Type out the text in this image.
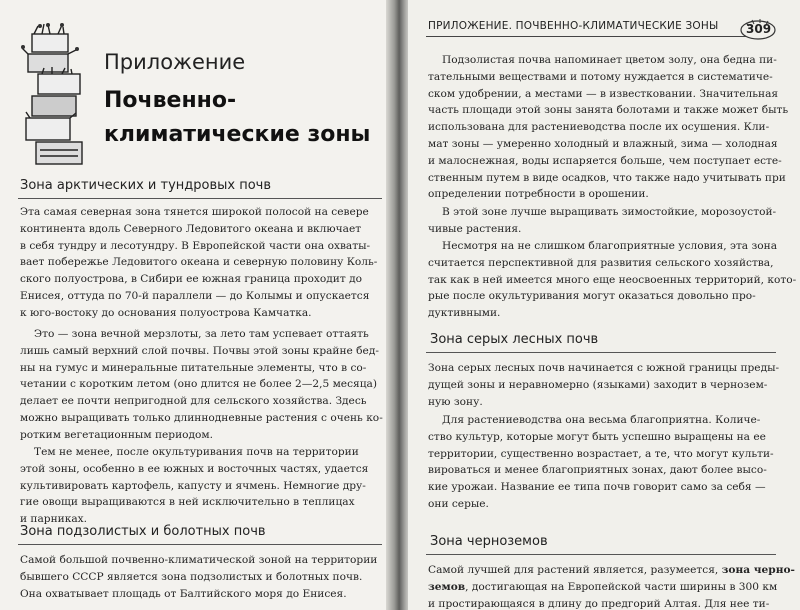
Приложение
Почвенно-
климатические зоны
Зона арктических и тундровых почв
Эта самая северная зона тянется широкой полосой на севере
континента вдоль Северного Ледовитого океана и включает
в себя тундру и лесотундру. В Европейской части она охваты-
вает побережье Ледовитого океана и северную половину Коль-
ского полуострова, в Сибири ее южная граница проходит до
Енисея, оттуда по 70-й параллели — до Колымы и опускается
к юго-востоку до основания полуострова Камчатка.
Это — зона вечной мерзлоты, за лето там успевает оттаять
лишь самый верхний слой почвы. Почвы этой зоны крайне бед-
ны на гумус и минеральные питательные элементы, что в со-
четании с коротким летом (оно длится не более 2—2,5 месяца)
делает ее почти непригодной для сельского хозяйства. Здесь
можно выращивать только длиннодневные растения с очень ко-
ротким вегетационным периодом.
Тем не менее, после окультуривания почв на территории
этой зоны, особенно в ее южных и восточных частях, удается
культивировать картофель, капусту и ячмень. Немногие дру-
гие овощи выращиваются в ней исключительно в теплицах
и парниках.
Зона подзолистых и болотных почв
Самой большой почвенно-климатической зоной на территории
бывшего СССР является зона подзолистых и болотных почв.
Она охватывает площадь от Балтийского моря до Енисея.
ПРИЛОЖЕНИЕ. ПОЧВЕННО-КЛИМАТИЧЕСКИЕ ЗОНЫ 309
Подзолистая почва напоминает цветом золу, она бедна пи-
тательными веществами и потому нуждается в систематиче-
ском удобрении, а местами — в известковании. Значительная
часть площади этой зоны занята болотами и также может быть
использована для растениеводства после их осушения. Кли-
мат зоны — умеренно холодный и влажный, зима — холодная
и малоснежная, воды испаряется больше, чем поступает есте-
ственным путем в виде осадков, что также надо учитывать при
определении потребности в орошении.
В этой зоне лучше выращивать зимостойкие, морозоустой-
чивые растения.
Несмотря на не слишком благоприятные условия, эта зона
считается перспективной для развития сельского хозяйства,
так как в ней имеется много еще неосвоенных территорий, кото-
рые после окультуривания могут оказаться довольно про-
дуктивными.
Зона серых лесных почв
Зона серых лесных почв начинается с южной границы преды-
дущей зоны и неравномерно (языками) заходит в чернозем-
ную зону.
Для растениеводства она весьма благоприятна. Количе-
ство культур, которые могут быть успешно выращены на ее
территории, существенно возрастает, а те, что могут культи-
вироваться и менее благоприятных зонах, дают более высо-
кие урожаи. Название ее типа почв говорит само за себя —
они серые.
Зона черноземов
Самой лучшей для растений является, разумеется, зона черно-
земов, достигающая на Европейской части ширины в 300 км
и простирающаяся в длину до предгорий Алтая. Для нее ти-
